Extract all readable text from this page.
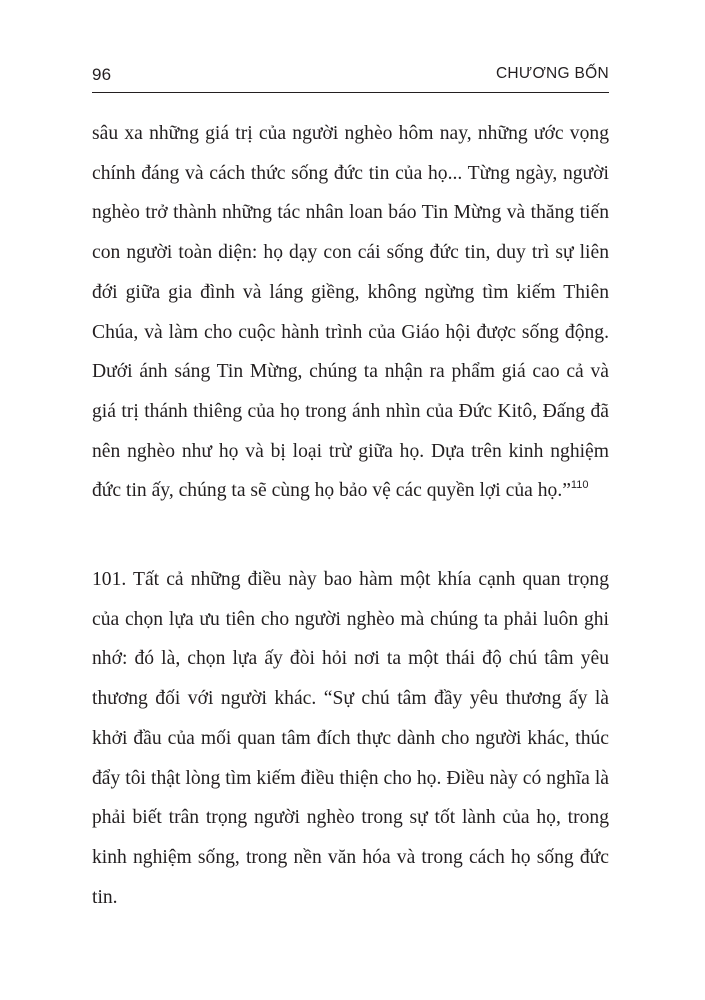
96	CHƯƠNG BỐN

sâu xa những giá trị của người nghèo hôm nay, những ước vọng chính đáng và cách thức sống đức tin của họ... Từng ngày, người nghèo trở thành những tác nhân loan báo Tin Mừng và thăng tiến con người toàn diện: họ dạy con cái sống đức tin, duy trì sự liên đới giữa gia đình và láng giềng, không ngừng tìm kiếm Thiên Chúa, và làm cho cuộc hành trình của Giáo hội được sống động. Dưới ánh sáng Tin Mừng, chúng ta nhận ra phẩm giá cao cả và giá trị thánh thiêng của họ trong ánh nhìn của Đức Kitô, Đấng đã nên nghèo như họ và bị loại trừ giữa họ. Dựa trên kinh nghiệm đức tin ấy, chúng ta sẽ cùng họ bảo vệ các quyền lợi của họ.”$^{110}$

101. Tất cả những điều này bao hàm một khía cạnh quan trọng của chọn lựa ưu tiên cho người nghèo mà chúng ta phải luôn ghi nhớ: đó là, chọn lựa ấy đòi hỏi nơi ta một thái độ chú tâm yêu thương đối với người khác. “Sự chú tâm đầy yêu thương ấy là khởi đầu của mối quan tâm đích thực dành cho người khác, thúc đẩy tôi thật lòng tìm kiếm điều thiện cho họ. Điều này có nghĩa là phải biết trân trọng người nghèo trong sự tốt lành của họ, trong kinh nghiệm sống, trong nền văn hóa và trong cách họ sống đức tin.
